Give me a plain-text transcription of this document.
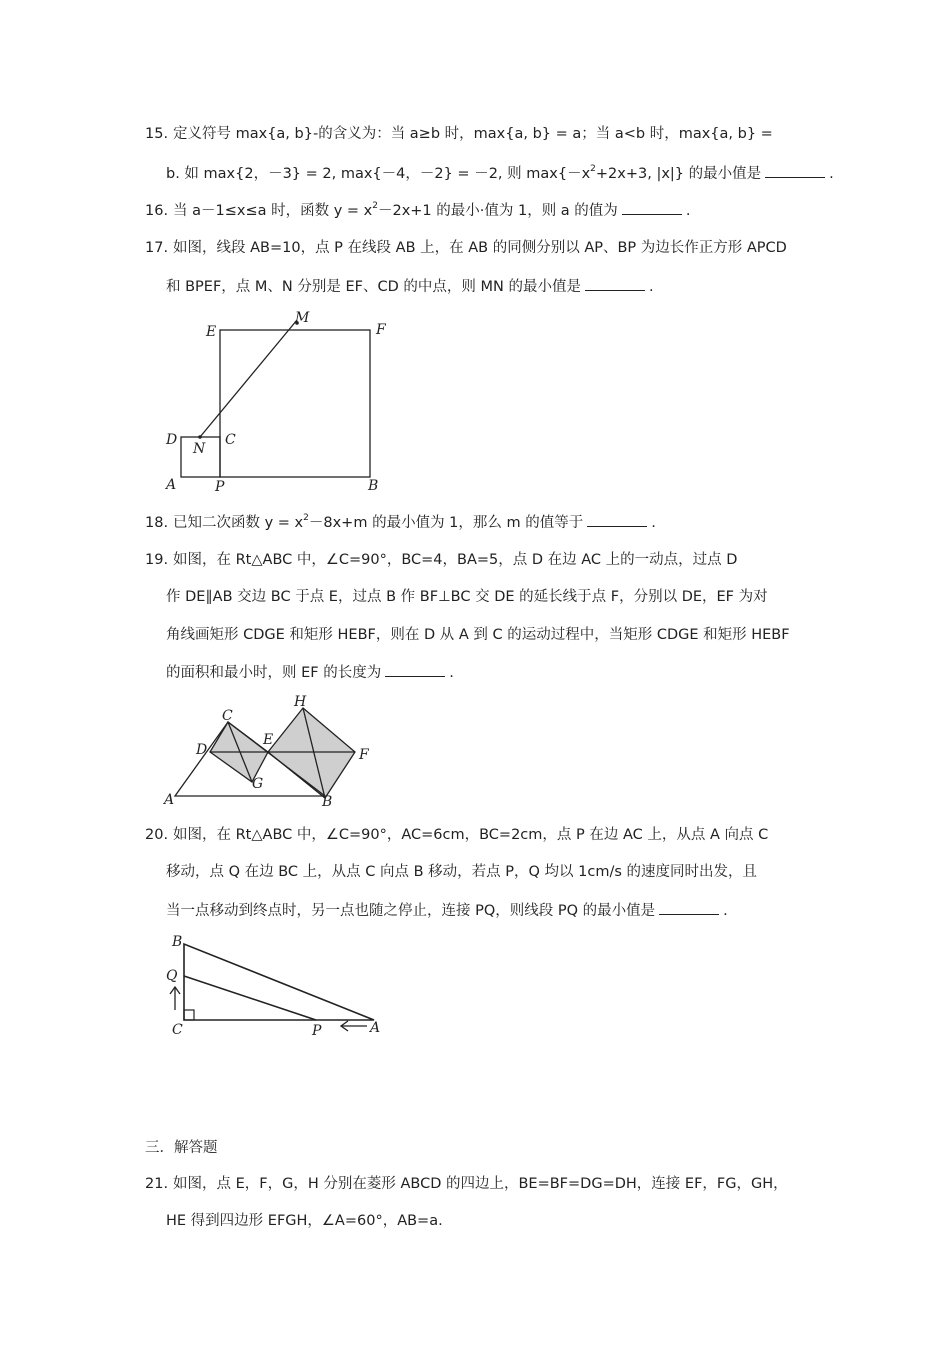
15. 定义符号 max{a, b}-的含义为：当 a≥b 时，max{a, b} = a；当 a<b 时，max{a, b} =
b. 如 max{2，－3} = 2, max{－4，－2} = －2, 则 $\max\{-x^2+2x+3$, |x|} 的最小值是	.
16. 当 a－1≤x≤a 时，函数 $y = x^2-2x+1$ 的最小·值为 1，则 a 的值为	.
17. 如图，线段 AB=10，点 P 在线段 AB 上，在 AB 的同侧分别以 AP、BP 为边长作正方形 APCD
和 BPEF，点 M、N 分别是 EF、CD 的中点，则 MN 的最小值是	.
E
M
F
D
N
C
A	P	B
18. 已知二次函数 $y = x^2-8x+m$ 的最小值为 1，那么 m 的值等于	.
19. 如图，在 Rt△ABC 中，∠C=90°，BC=4，BA=5，点 D 在边 AC 上的一动点，过点 D
作 DE∥AB 交边 BC 于点 E，过点 B 作 BF⊥BC 交 DE 的延长线于点 F，分别以 DE，EF 为对
角线画矩形 CDGE 和矩形 HEBF，则在 D 从 A 到 C 的运动过程中，当矩形 CDGE 和矩形 HEBF
的面积和最小时，则 EF 的长度为	.
C
H
D
E
F
G
A	B
20. 如图，在 Rt△ABC 中，∠C=90°，AC=6cm，BC=2cm，点 P 在边 AC 上，从点 A 向点 C
移动，点 Q 在边 BC 上，从点 C 向点 B 移动，若点 P，Q 均以 1cm/s 的速度同时出发，且
当一点移动到终点时，另一点也随之停止，连接 PQ，则线段 PQ 的最小值是	.
B
Q
C	P	A
三．解答题
21. 如图，点 E，F，G，H 分别在菱形 ABCD 的四边上，BE=BF=DG=DH，连接 EF，FG，GH，
HE 得到四边形 EFGH，∠A=60°，AB=a.
